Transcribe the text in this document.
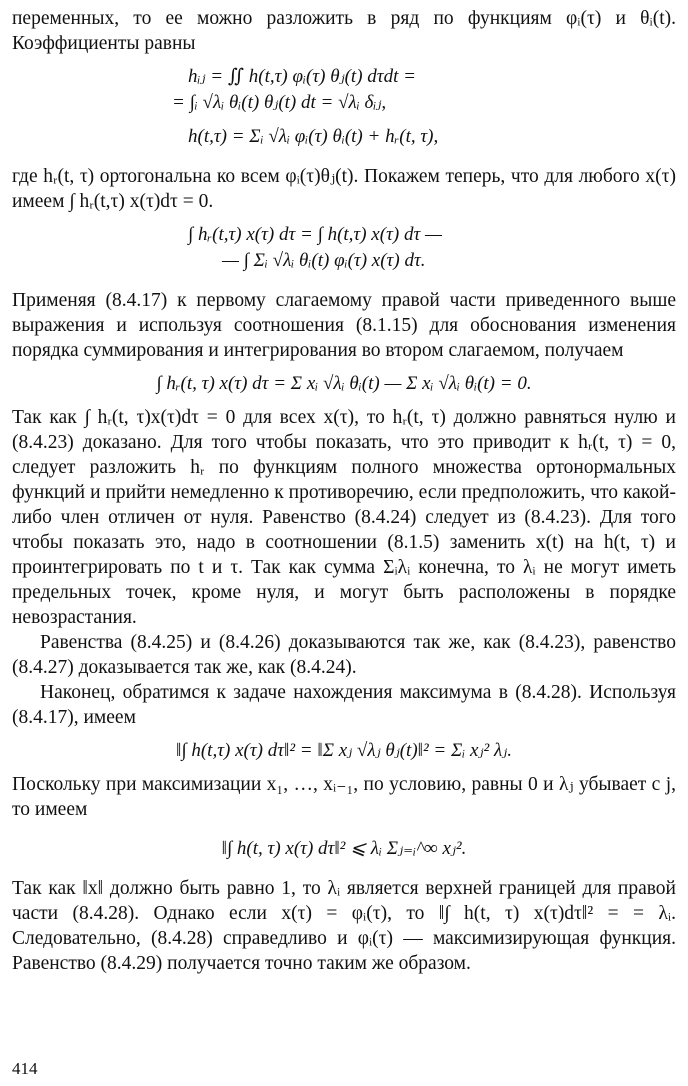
переменных, то ее можно разложить в ряд по функциям φᵢ(τ) и θᵢ(t). Коэффициенты равны

hᵢⱼ = ∬ h(t,τ) φᵢ(τ) θⱼ(t) dτdt =
= ∫ᵢ √λᵢ θᵢ(t) θⱼ(t) dt = √λᵢ δᵢⱼ,
h(t,τ) = Σᵢ √λᵢ φᵢ(τ) θᵢ(t) + hᵣ(t, τ),

где hᵣ(t, τ) ортогональна ко всем φᵢ(τ)θⱼ(t). Покажем теперь, что для любого x(τ) имеем ∫ hᵣ(t,τ) x(τ)dτ = 0.

∫ hᵣ(t,τ) x(τ) dτ = ∫ h(t,τ) x(τ) dτ —
— ∫ Σᵢ √λᵢ θᵢ(t) φᵢ(τ) x(τ) dτ.

Применяя (8.4.17) к первому слагаемому правой части приведенного выше выражения и используя соотношения (8.1.15) для обоснования изменения порядка суммирования и интегрирования во втором слагаемом, получаем

∫ hᵣ(t, τ) x(τ) dτ = Σ xᵢ √λᵢ θᵢ(t) — Σ xᵢ √λᵢ θᵢ(t) = 0.

Так как ∫ hᵣ(t, τ)x(τ)dτ = 0 для всех x(τ), то hᵣ(t, τ) должно равняться нулю и (8.4.23) доказано. Для того чтобы показать, что это приводит к hᵣ(t, τ) = 0, следует разложить hᵣ по функциям полного множества ортонормальных функций и прийти немедленно к противоречию, если предположить, что какой-либо член отличен от нуля. Равенство (8.4.24) следует из (8.4.23). Для того чтобы показать это, надо в соотношении (8.1.5) заменить x(t) на h(t, τ) и проинтегрировать по t и τ. Так как сумма Σᵢλᵢ конечна, то λᵢ не могут иметь предельных точек, кроме нуля, и могут быть расположены в порядке невозрастания.

Равенства (8.4.25) и (8.4.26) доказываются так же, как (8.4.23), равенство (8.4.27) доказывается так же, как (8.4.24).

Наконец, обратимся к задаче нахождения максимума в (8.4.28). Используя (8.4.17), имеем

‖∫ h(t,τ) x(τ) dτ‖² = ‖Σ xⱼ √λⱼ θⱼ(t)‖² = Σᵢ xⱼ² λⱼ.

Поскольку при максимизации x₁, …, xᵢ₋₁, по условию, равны 0 и λⱼ убывает с j, то имеем

‖∫ h(t, τ) x(τ) dτ‖² ⩽ λᵢ Σⱼ₌ᵢ^∞ xⱼ².

Так как ‖x‖ должно быть равно 1, то λᵢ является верхней границей для правой части (8.4.28). Однако если x(τ) = φᵢ(τ), то ‖∫ h(t, τ) x(τ)dτ‖² = = λᵢ. Следовательно, (8.4.28) справедливо и φᵢ(τ) — максимизирующая функция. Равенство (8.4.29) получается точно таким же образом.

414
